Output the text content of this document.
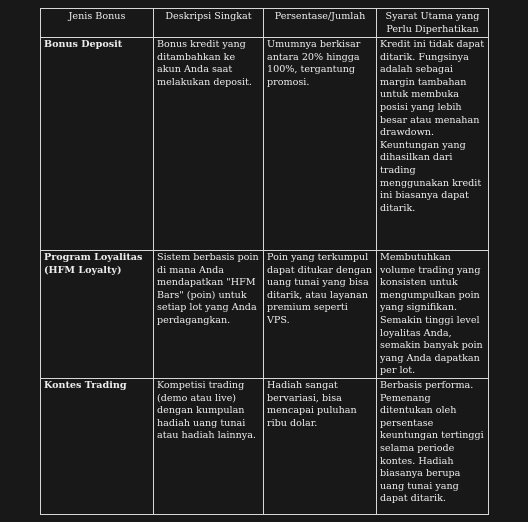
Jenis Bonus	Deskripsi Singkat	Persentase/Jumlah	Syarat Utama yang Perlu Diperhatikan
Bonus Deposit	Bonus kredit yang ditambahkan ke akun Anda saat melakukan deposit.	Umumnya berkisar antara 20% hingga 100%, tergantung promosi.	Kredit ini tidak dapat ditarik. Fungsinya adalah sebagai margin tambahan untuk membuka posisi yang lebih besar atau menahan drawdown. Keuntungan yang dihasilkan dari trading menggunakan kredit ini biasanya dapat ditarik.
Program Loyalitas (HFM Loyalty)	Sistem berbasis poin di mana Anda mendapatkan "HFM Bars" (poin) untuk setiap lot yang Anda perdagangkan.	Poin yang terkumpul dapat ditukar dengan uang tunai yang bisa ditarik, atau layanan premium seperti VPS.	Membutuhkan volume trading yang konsisten untuk mengumpulkan poin yang signifikan. Semakin tinggi level loyalitas Anda, semakin banyak poin yang Anda dapatkan per lot.
Kontes Trading	Kompetisi trading (demo atau live) dengan kumpulan hadiah uang tunai atau hadiah lainnya.	Hadiah sangat bervariasi, bisa mencapai puluhan ribu dolar.	Berbasis performa. Pemenang ditentukan oleh persentase keuntungan tertinggi selama periode kontes. Hadiah biasanya berupa uang tunai yang dapat ditarik.
